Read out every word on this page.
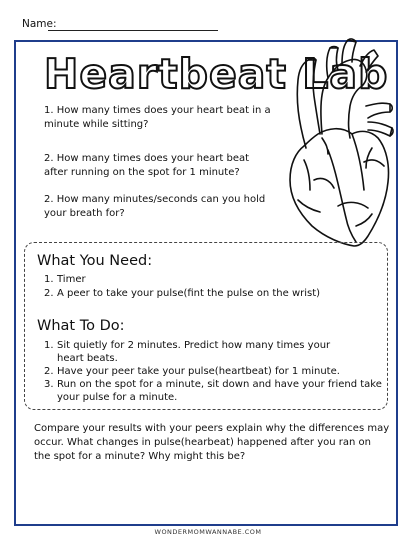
Name:
Heartbeat Lab
1. How many times does your heart beat in a minute while sitting?
2. How many times does your heart beat after running on the spot for 1 minute?
2. How many minutes/seconds can you hold your breath for?
What You Need:
1. Timer
2. A peer to take your pulse(fint the pulse on the wrist)
What To Do:
1. Sit quietly for 2 minutes. Predict how many times your
heart beats.
2. Have your peer take your pulse(heartbeat) for 1 minute.
3. Run on the spot for a minute, sit down and have your friend take
your pulse for a minute.
Compare your results with your peers explain why the differences may occur. What changes in pulse(hearbeat) happened after you ran on the spot for a minute? Why might this be?
WONDERMOMWANNABE.COM
